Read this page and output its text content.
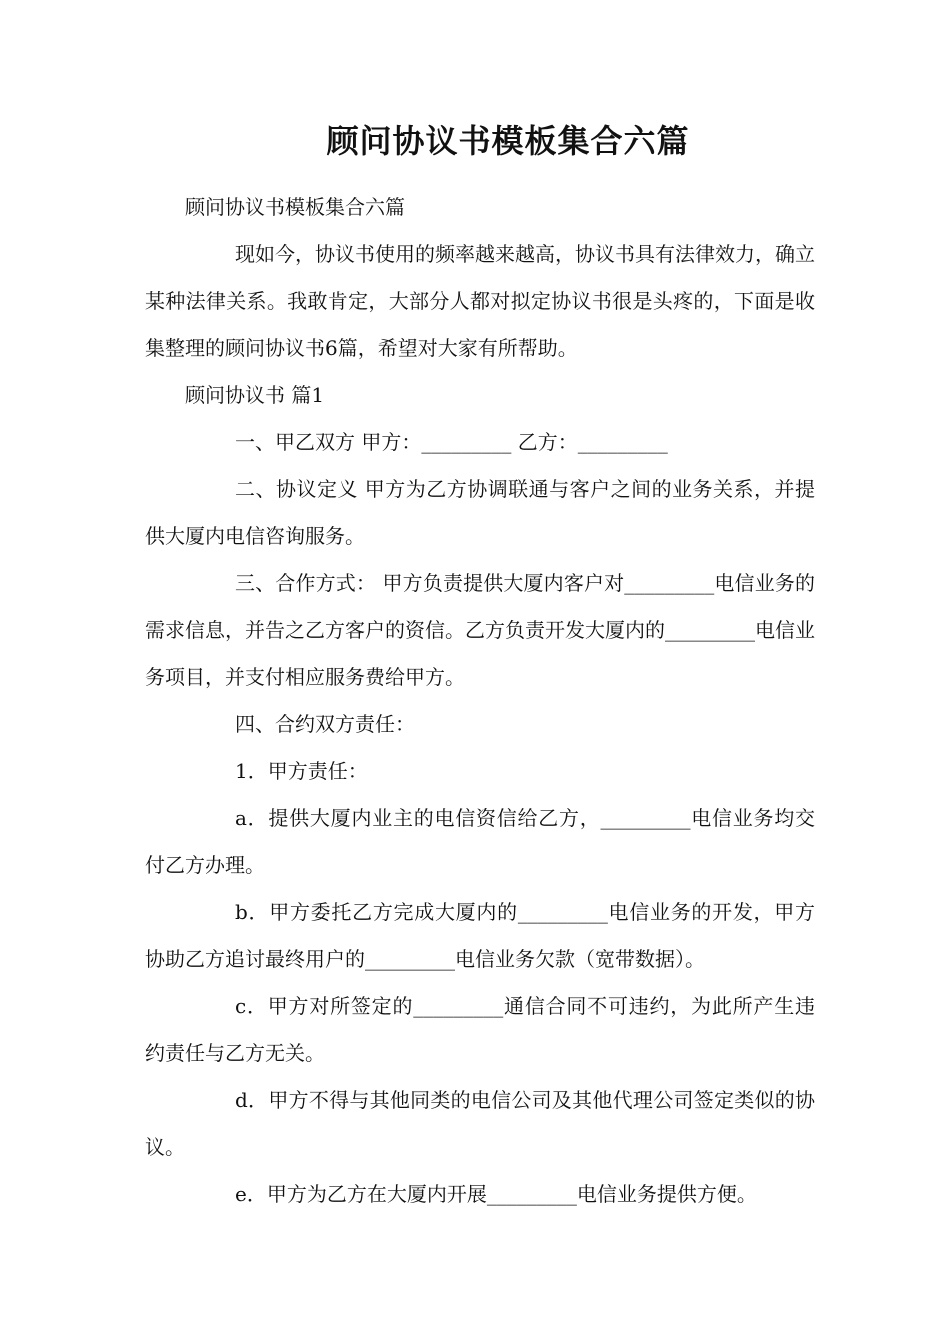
顾问协议书模板集合六篇

顾问协议书模板集合六篇

现如今，协议书使用的频率越来越高，协议书具有法律效力，确立某种法律关系。我敢肯定，大部分人都对拟定协议书很是头疼的，下面是收集整理的顾问协议书6篇，希望对大家有所帮助。

顾问协议书 篇1

一、甲乙双方 甲方：_________ 乙方：_________

二、协议定义 甲方为乙方协调联通与客户之间的业务关系，并提供大厦内电信咨询服务。

三、合作方式： 甲方负责提供大厦内客户对_________电信业务的需求信息，并告之乙方客户的资信。乙方负责开发大厦内的_________电信业务项目，并支付相应服务费给甲方。

四、合约双方责任：

1．甲方责任：

a．提供大厦内业主的电信资信给乙方，_________电信业务均交付乙方办理。

b．甲方委托乙方完成大厦内的_________电信业务的开发，甲方协助乙方追讨最终用户的_________电信业务欠款（宽带数据）。

c．甲方对所签定的_________通信合同不可违约，为此所产生违约责任与乙方无关。

d．甲方不得与其他同类的电信公司及其他代理公司签定类似的协议。

e．甲方为乙方在大厦内开展_________电信业务提供方便。
